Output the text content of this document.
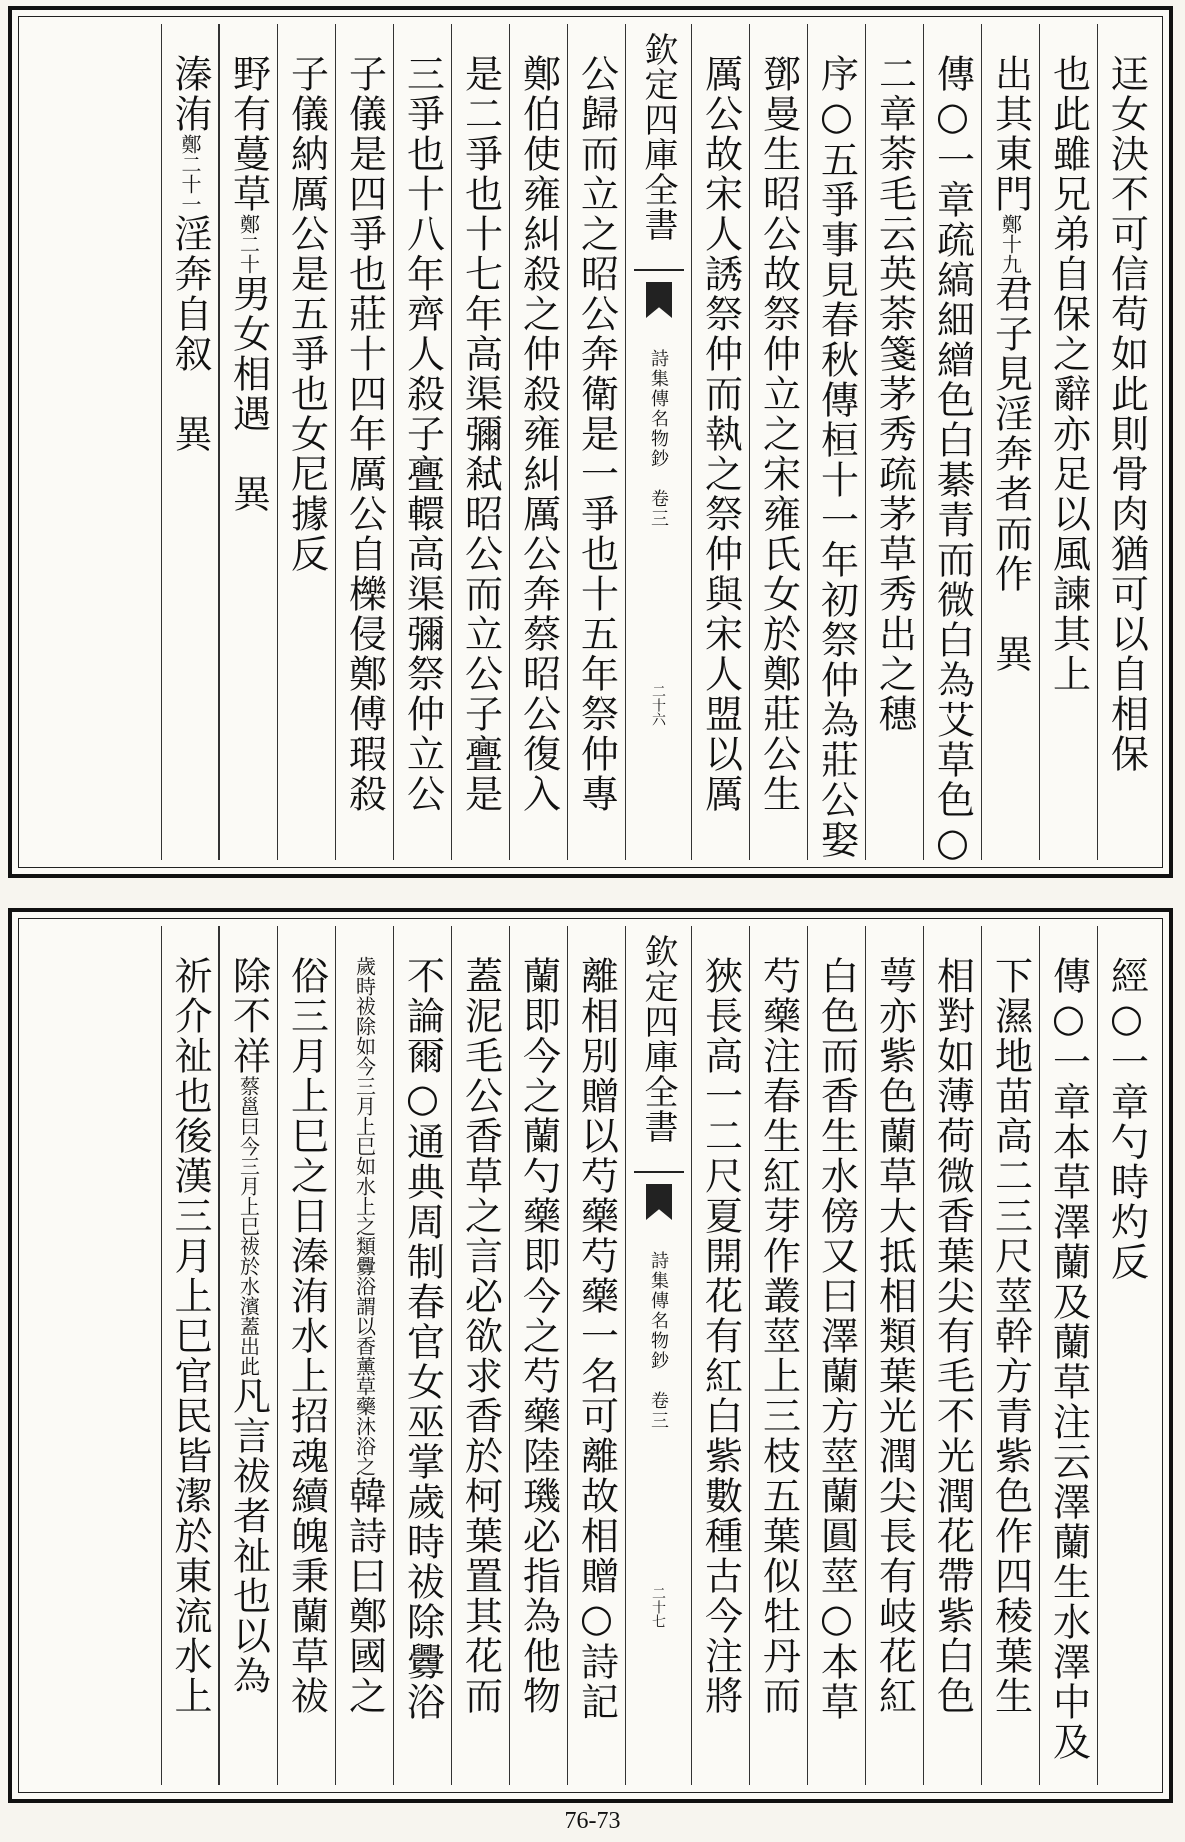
迋女決不可信苟如此則骨肉猶可以自相保
也此雖兄弟自保之辭亦足以風諫其上
出其東門鄭十九君子見淫奔者而作　異
傳○一章疏縞細繒色白綦青而微白為艾草色○
二章荼毛云英荼箋茅秀疏茅草秀出之穗
序○五爭事見春秋傳桓十一年初祭仲為莊公娶
鄧曼生昭公故祭仲立之宋雍氏女於鄭莊公生
厲公故宋人誘祭仲而執之祭仲與宋人盟以厲
欽定四庫全書
詩集傳名物鈔　卷三
二十六
公歸而立之昭公奔衛是一爭也十五年祭仲專
鄭伯使雍糾殺之仲殺雍糾厲公奔蔡昭公復入
是二爭也十七年高渠彌弒昭公而立公子亹是
三爭也十八年齊人殺子亹轘高渠彌祭仲立公
子儀是四爭也莊十四年厲公自櫟侵鄭傅瑕殺
子儀納厲公是五爭也女尼據反
野有蔓草鄭二十男女相遇　異
溱洧鄭二十一淫奔自叙　異
經○一章勺時灼反
傳○一章本草澤蘭及蘭草注云澤蘭生水澤中及
下濕地苗高二三尺莖幹方青紫色作四稜葉生
相對如薄荷微香葉尖有毛不光潤花帶紫白色
萼亦紫色蘭草大抵相類葉光潤尖長有岐花紅
白色而香生水傍又曰澤蘭方莖蘭圓莖○本草
芍藥注春生紅芽作叢莖上三枝五葉似牡丹而
狹長高一二尺夏開花有紅白紫數種古今注將
欽定四庫全書
詩集傳名物鈔　卷三
二十七
離相別贈以芍藥芍藥一名可離故相贈○詩記
蘭即今之蘭勺藥即今之芍藥陸璣必指為他物
蓋泥毛公香草之言必欲求香於柯葉置其花而
不論爾○通典周制春官女巫掌歲時祓除釁浴
歲時祓除如今三月上巳如水上之類釁浴謂以香薰草藥沐浴之韓詩曰鄭國之
俗三月上巳之日溱洧水上招魂續魄秉蘭草祓
除不祥蔡邕曰今三月上巳祓於水濱蓋出此凡言祓者祉也以為
祈介祉也後漢三月上巳官民皆潔於東流水上
76-73
